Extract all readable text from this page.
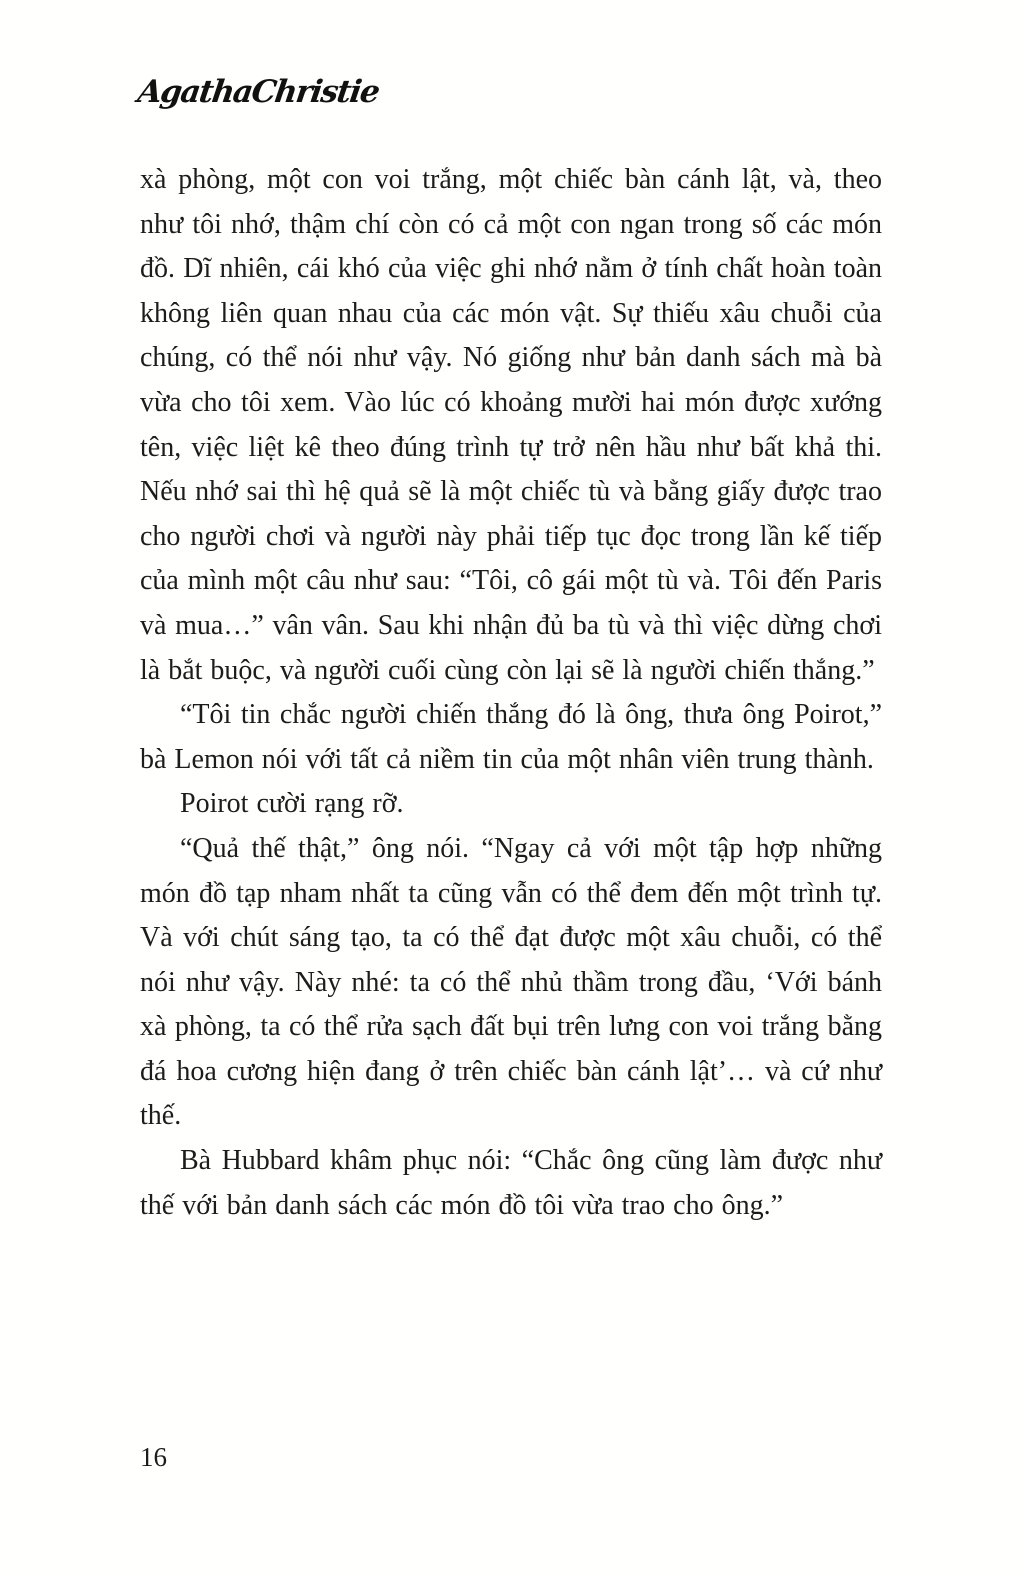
AgathaChristie

xà phòng, một con voi trắng, một chiếc bàn cánh lật, và, theo như tôi nhớ, thậm chí còn có cả một con ngan trong số các món đồ. Dĩ nhiên, cái khó của việc ghi nhớ nằm ở tính chất hoàn toàn không liên quan nhau của các món vật. Sự thiếu xâu chuỗi của chúng, có thể nói như vậy. Nó giống như bản danh sách mà bà vừa cho tôi xem. Vào lúc có khoảng mười hai món được xướng tên, việc liệt kê theo đúng trình tự trở nên hầu như bất khả thi. Nếu nhớ sai thì hệ quả sẽ là một chiếc tù và bằng giấy được trao cho người chơi và người này phải tiếp tục đọc trong lần kế tiếp của mình một câu như sau: “Tôi, cô gái một tù và. Tôi đến Paris và mua…” vân vân. Sau khi nhận đủ ba tù và thì việc dừng chơi là bắt buộc, và người cuối cùng còn lại sẽ là người chiến thắng.”

“Tôi tin chắc người chiến thắng đó là ông, thưa ông Poirot,” bà Lemon nói với tất cả niềm tin của một nhân viên trung thành.

Poirot cười rạng rỡ.

“Quả thế thật,” ông nói. “Ngay cả với một tập hợp những món đồ tạp nham nhất ta cũng vẫn có thể đem đến một trình tự. Và với chút sáng tạo, ta có thể đạt được một xâu chuỗi, có thể nói như vậy. Này nhé: ta có thể nhủ thầm trong đầu, ‘Với bánh xà phòng, ta có thể rửa sạch đất bụi trên lưng con voi trắng bằng đá hoa cương hiện đang ở trên chiếc bàn cánh lật’… và cứ như thế.

Bà Hubbard khâm phục nói: “Chắc ông cũng làm được như thế với bản danh sách các món đồ tôi vừa trao cho ông.”

16
